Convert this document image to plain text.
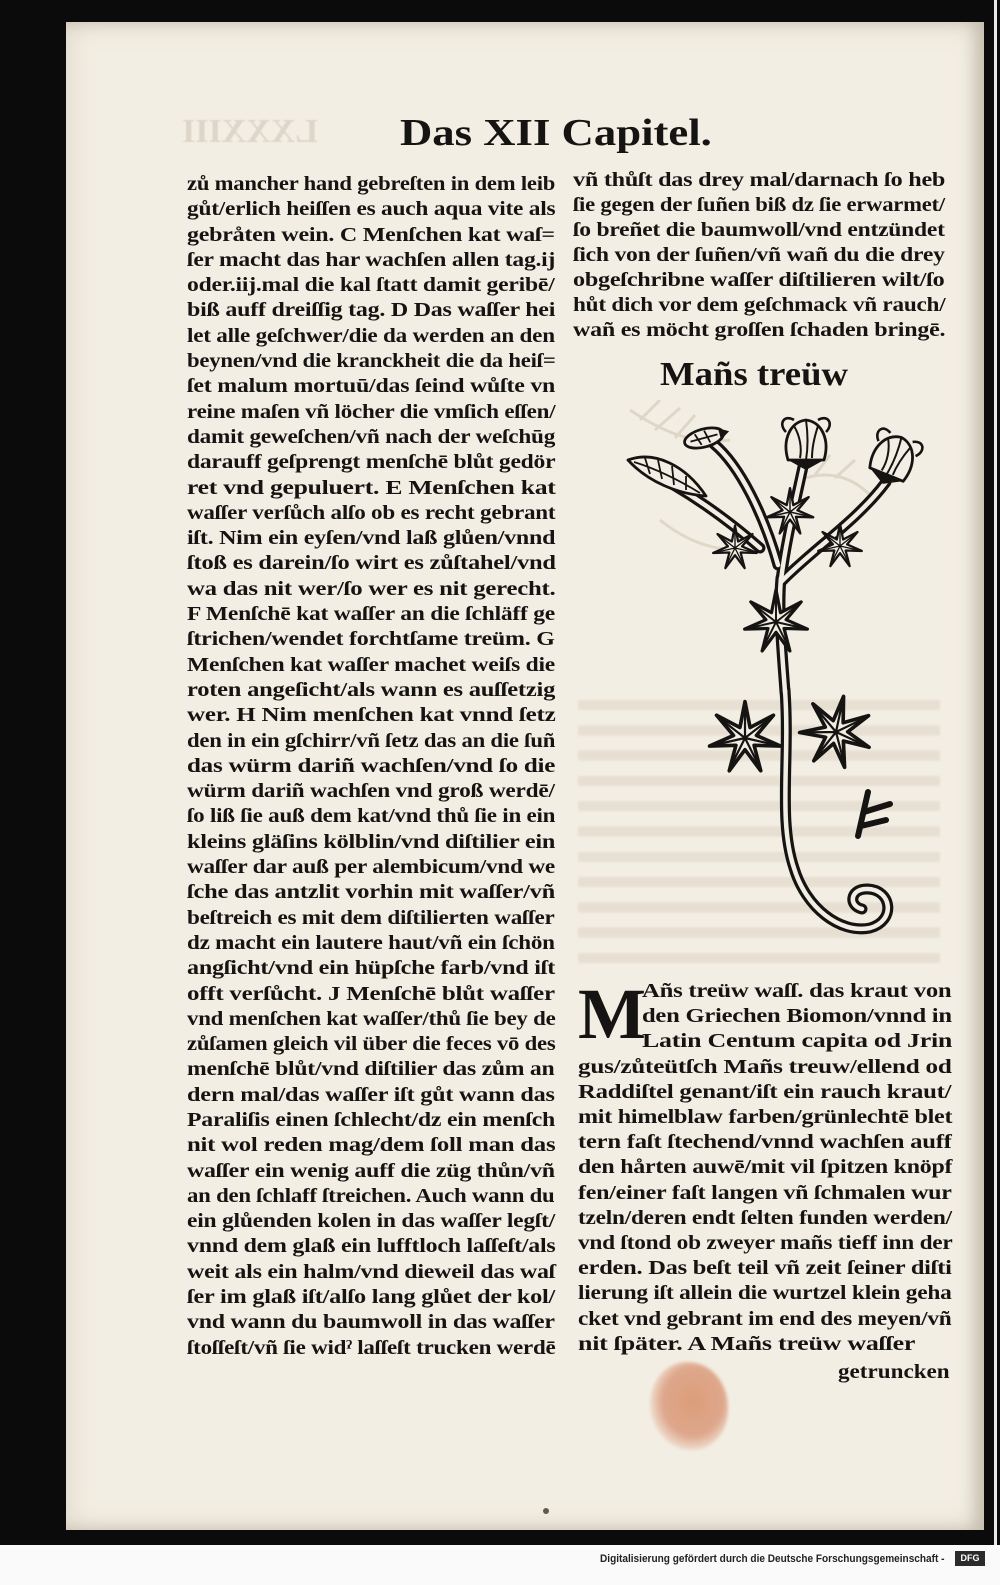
LXXXIII Das XII Capitel.
zů mancher hand gebreſten in dem leib
gůt/erlich heiſſen es auch aqua vite als
gebråten wein. C Menſchen kat waſ=
ſer macht das har wachſen allen tag.ij
oder.iij.mal die kal ſtatt damit geribē/
biß auff dreiſſig tag. D Das waſſer hei
let alle geſchwer/die da werden an den
beynen/vnd die kranckheit die da heiſ=
ſet malum mortuū/das ſeind wůſte vn
reine maſen vñ löcher die vmſich eſſen/
damit geweſchen/vñ nach der weſchūg
darauff geſprengt menſchē blůt gedör
ret vnd gepuluert. E Menſchen kat
waſſer verſůch alſo ob es recht gebrant
iſt. Nim ein eyſen/vnd laß glůen/vnnd
ſtoß es darein/ſo wirt es zůſtahel/vnd
wa das nit wer/ſo wer es nit gerecht.
F Menſchē kat waſſer an die ſchläff ge
ſtrichen/wendet forchtſame treüm. G
Menſchen kat waſſer machet weiſs die
roten angeſicht/als wann es auſſetzig
wer. H Nim menſchen kat vnnd ſetz
den in ein gſchirr/vñ ſetz das an die ſuñ
das würm dariñ wachſen/vnd ſo die
würm dariñ wachſen vnd groß werdē/
ſo liß ſie auß dem kat/vnd thů ſie in ein
kleins gläſins kölblin/vnd diſtilier ein
waſſer dar auß per alembicum/vnd we
ſche das antzlit vorhin mit waſſer/vñ
beſtreich es mit dem diſtilierten waſſer
dz macht ein lautere haut/vñ ein ſchön
angſicht/vnd ein hüpſche farb/vnd iſt
offt verſůcht. J Menſchē blůt waſſer
vnd menſchen kat waſſer/thů ſie bey de
zůſamen gleich vil über die feces vō des
menſchē blůt/vnd diſtilier das zům an
dern mal/das waſſer iſt gůt wann das
Paraliſis einen ſchlecht/dz ein menſch
nit wol reden mag/dem ſoll man das
waſſer ein wenig auff die züg thůn/vñ
an den ſchlaff ſtreichen. Auch wann du
ein glůenden kolen in das waſſer legſt/
vnnd dem glaß ein lufftloch laſſeſt/als
weit als ein halm/vnd dieweil das waſ
ſer im glaß iſt/alſo lang glůet der kol/
vnd wann du baumwoll in das waſſer
ſtoſſeſt/vñ ſie widˀ laſſeſt trucken werdē
vñ thůſt das drey mal/darnach ſo heb
ſie gegen der ſuñen biß dz ſie erwarmet/
ſo breñet die baumwoll/vnd entzündet
ſich von der ſuñen/vñ wañ du die drey
obgeſchribne waſſer diſtilieren wilt/ſo
hůt dich vor dem geſchmack vñ rauch/
wañ es möcht groſſen ſchaden bringē.
Mañs treüw
M
Añs treüw waſſ. das kraut von
den Griechen Biomon/vnnd in
Latin Centum capita od Jrin
gus/zůteütſch Mañs treuw/ellend od
Raddiſtel genant/iſt ein rauch kraut/
mit himelblaw farben/grünlechtē blet
tern faſt ſtechend/vnnd wachſen auff
den hårten auwē/mit vil ſpitzen knöpf
fen/einer faſt langen vñ ſchmalen wur
tzeln/deren endt ſelten funden werden/
vnd ſtond ob zweyer mañs tieff inn der
erden. Das beſt teil vñ zeit ſeiner diſti
lierung iſt allein die wurtzel klein geha
cket vnd gebrant im end des meyen/vñ
nit ſpäter. A Mañs treüw waſſer
getruncken
Digitalisierung gefördert durch die Deutsche Forschungsgemeinschaft -	DFG
